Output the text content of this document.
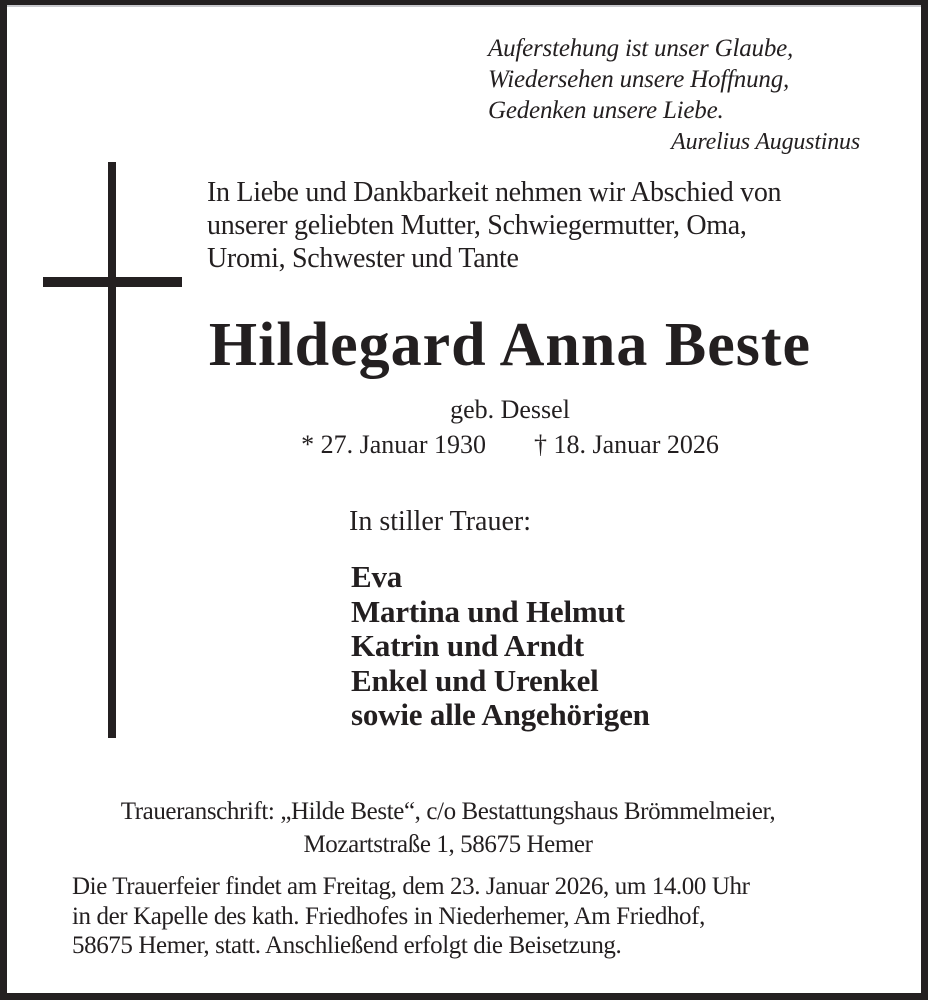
Auferstehung ist unser Glaube,
Wiedersehen unsere Hoffnung,
Gedenken unsere Liebe.
Aurelius Augustinus
In Liebe und Dankbarkeit nehmen wir Abschied von
unserer geliebten Mutter, Schwiegermutter, Oma,
Uromi, Schwester und Tante
Hildegard Anna Beste
geb. Dessel
* 27. Januar 1930 † 18. Januar 2026
In stiller Trauer:
Eva
Martina und Helmut
Katrin und Arndt
Enkel und Urenkel
sowie alle Angehörigen
Traueranschrift: „Hilde Beste“, c/o Bestattungshaus Brömmelmeier,
Mozartstraße 1, 58675 Hemer
Die Trauerfeier findet am Freitag, dem 23. Januar 2026, um 14.00 Uhr
in der Kapelle des kath. Friedhofes in Niederhemer, Am Friedhof,
58675 Hemer, statt. Anschließend erfolgt die Beisetzung.
